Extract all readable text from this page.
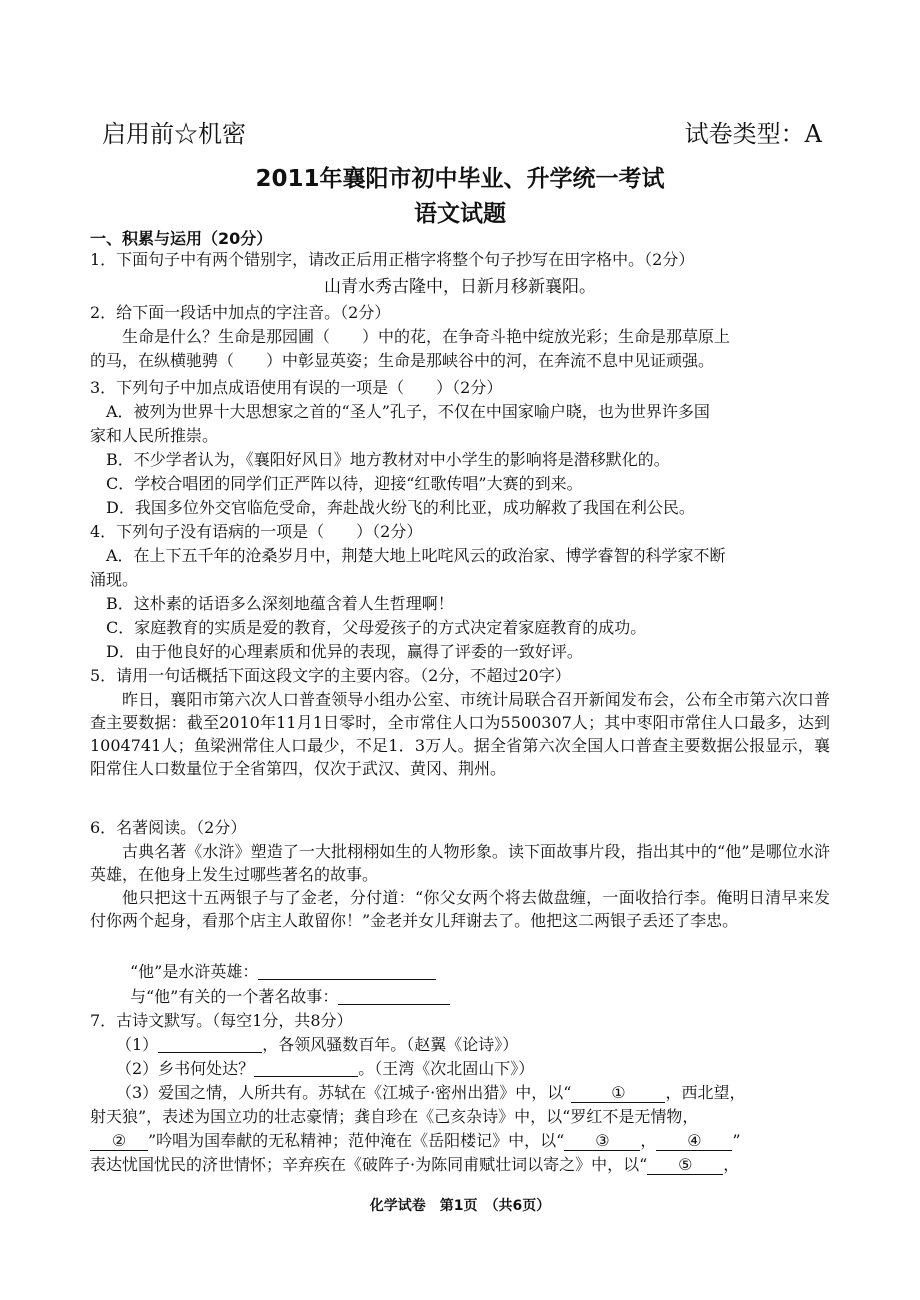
启用前☆机密	试卷类型：A
2011年襄阳市初中毕业、升学统一考试
语文试题
一、积累与运用（20分）
1．下面句子中有两个错别字，请改正后用正楷字将整个句子抄写在田字格中。（2分）
山青水秀古隆中，日新月移新襄阳。
2．给下面一段话中加点的字注音。（2分）
生命是什么？生命是那园圃（　　）中的花，在争奇斗艳中绽放光彩；生命是那草原上
的马，在纵横驰骋（　　）中彰显英姿；生命是那峡谷中的河，在奔流不息中见证顽强。
3．下列句子中加点成语使用有误的一项是（　　）（2分）
A．被列为世界十大思想家之首的“圣人”孔子，不仅在中国家喻户晓，也为世界许多国
家和人民所推崇。
B．不少学者认为，《襄阳好风日》地方教材对中小学生的影响将是潜移默化的。
C．学校合唱团的同学们正严阵以待，迎接“红歌传唱”大赛的到来。
D．我国多位外交官临危受命，奔赴战火纷飞的利比亚，成功解救了我国在利公民。
4．下列句子没有语病的一项是（　　）（2分）
A．在上下五千年的沧桑岁月中，荆楚大地上叱咤风云的政治家、博学睿智的科学家不断
涌现。
B．这朴素的话语多么深刻地蕴含着人生哲理啊！
C．家庭教育的实质是爱的教育，父母爱孩子的方式决定着家庭教育的成功。
D．由于他良好的心理素质和优异的表现，赢得了评委的一致好评。
5．请用一句话概括下面这段文字的主要内容。（2分，不超过20字）
昨日，襄阳市第六次人口普查领导小组办公室、市统计局联合召开新闻发布会，公布全市第六次口普查主要数据：截至2010年11月1日零时，全市常住人口为5500307人；其中枣阳市常住人口最多，达到1004741人；鱼梁洲常住人口最少，不足1．3万人。据全省第六次全国人口普查主要数据公报显示，襄阳常住人口数量位于全省第四，仅次于武汉、黄冈、荆州。
6．名著阅读。（2分）
古典名著《水浒》塑造了一大批栩栩如生的人物形象。读下面故事片段，指出其中的“他”是哪位水浒英雄，在他身上发生过哪些著名的故事。
他只把这十五两银子与了金老，分付道：“你父女两个将去做盘缠，一面收拾行李。俺明日清早来发付你两个起身，看那个店主人敢留你！”金老并女儿拜谢去了。他把这二两银子丢还了李忠。
“他”是水浒英雄：
与“他”有关的一个著名故事：
7．古诗文默写。（每空1分，共8分）
（1）	，各领风骚数百年。（赵翼《论诗》）
（2）乡书何处达？	。（王湾《次北固山下》）
（3）爱国之情，人所共有。苏轼在《江城子·密州出猎》中，以“ ① ，西北望，
射天狼”，表述为国立功的壮志豪情；龚自珍在《己亥杂诗》中，以“罗红不是无情物，
② ”吟唱为国奉献的无私精神；范仲淹在《岳阳楼记》中，以“ ③ ， ④ ”
表达忧国忧民的济世情怀；辛弃疾在《破阵子·为陈同甫赋壮词以寄之》中，以“ ⑤ ，
化学试卷　第1页　（共6页）
